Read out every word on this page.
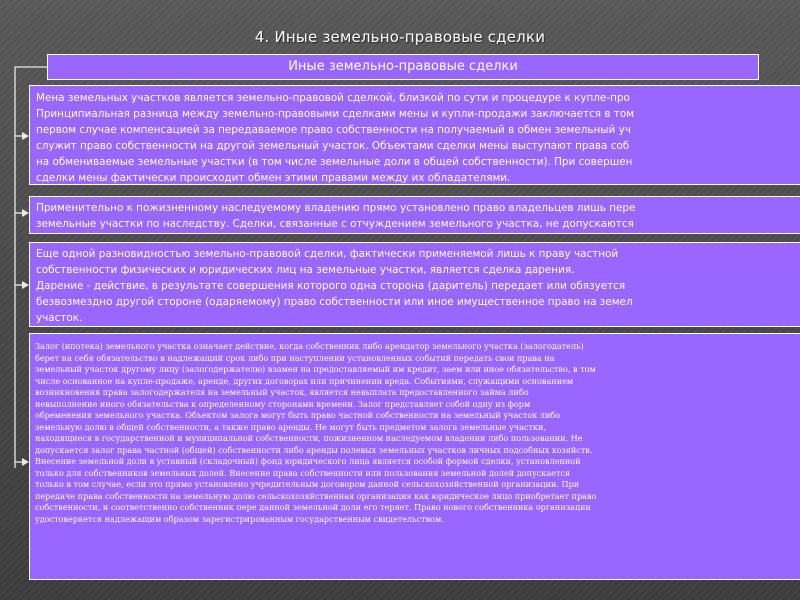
4. Иные земельно-правовые сделки
Иные земельно-правовые сделки

Мена земельных участков является земельно-правовой сделкой, близкой по сути и процедуре к купле-про

Принципиальная разница между земельно-правовыми сделками мены и купли-продажи заключается в том

первом случае компенсацией за передаваемое право собственности на получаемый в обмен земельный уч

служит право собственности на другой земельный участок. Объектами сделки мены выступают права соб

на обмениваемые земельные участки (в том числе земельные доли в общей собственности). При совершен

сделки мены фактически происходит обмен этими правами между их обладателями.

Применительно к пожизненному наследуемому владению прямо установлено право владельцев лишь пере

земельные участки по наследству. Сделки, связанные с отчуждением земельного участка, не допускаются

Еще одной разновидностью земельно-правовой сделки, фактически применяемой лишь к праву частной

собственности физических и юридических лиц на земельные участки, является сделка дарения.

Дарение - действие, в результате совершения которого одна сторона (даритель) передает или обязуется

безвозмездно другой стороне (одаряемому) право собственности или иное имущественное право на земел

участок.

Залог (ипотека) земельного участка означает действие, когда собственник либо арендатор земельного участка (залогодатель)

берет на себя обязательство в надлежащий срок либо при наступлении установленных событий передать свои права на

земельный участок другому лицу (залогодержателю) взамен на предоставляемый им кредит, заем или иное обязательство, в том

числе основанное на купле-продаже, аренде, других договорах или причинении вреда. Событиями, служащими основанием

возникновения права залогодержателя на земельный участок, является невыплата предоставленного займа либо

невыполнение иного обязательства к определенному сторонами времени. Залог представляет собой одну из форм

обременения земельного участка. Объектом залога могут быть право частной собственности на земельный участок либо

земельную долю в общей собственности, а также право аренды. Не могут быть предметом залога земельные участки,

находящиеся в государственной и муниципальной собственности, пожизненном наследуемом владении либо пользовании. Не

допускается залог права частной (общей) собственности либо аренды полевых земельных участков личных подсобных хозяйств.

Внесение земельной доли в уставный (складочный) фонд юридического лица является особой формой сделки, установленной

только для собственников земельных долей. Внесение права собственности или пользования земельной долей допускается

только в том случае, если это прямо установлено учредительным договором данной сельскохозяйственной организации. При

передаче права собственности на земельную долю сельскохозяйственная организация как юридическое лицо приобретает право

собственности, и соответственно собственник пере данной земельной доли его теряет. Право нового собственника организации

удостоверяется надлежащим образом зарегистрированным государственным свидетельством.
